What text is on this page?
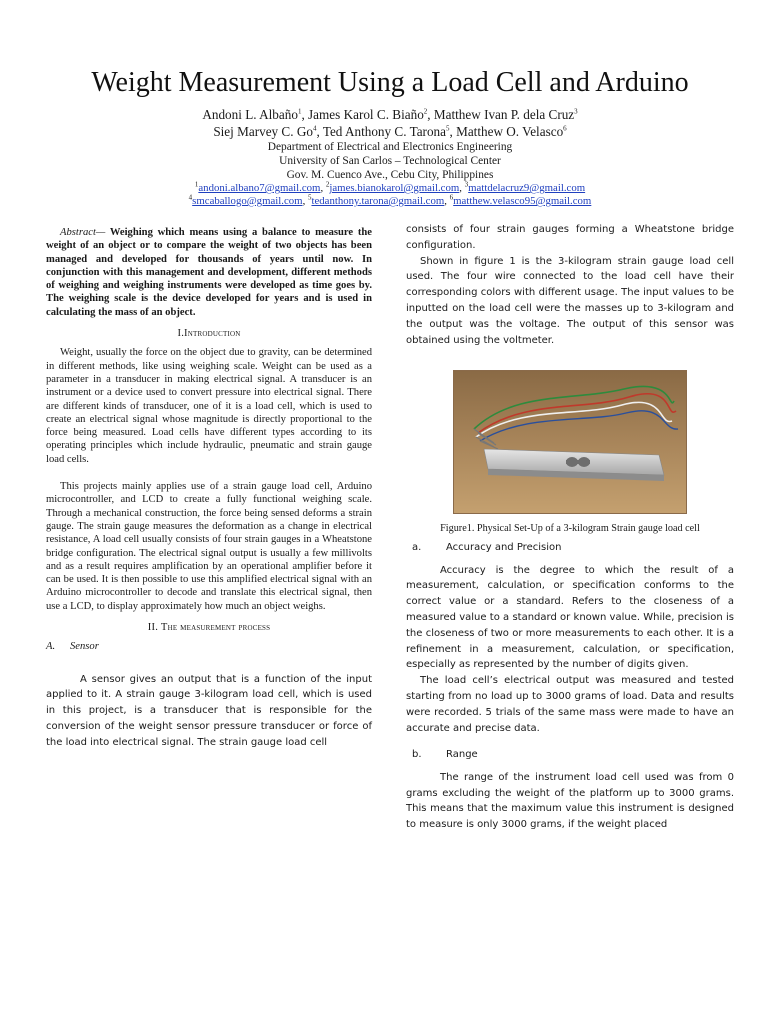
Weight Measurement Using a Load Cell and Arduino
Andoni L. Albaño$^1$, James Karol C. Biaño$^2$, Matthew Ivan P. dela Cruz$^3$
Siej Marvey C. Go$^4$, Ted Anthony C. Tarona$^5$, Matthew O. Velasco$^6$
Department of Electrical and Electronics Engineering
University of San Carlos – Technological Center
Gov. M. Cuenco Ave., Cebu City, Philippines
$^1$andoni.albano7@gmail.com, $^2$james.bianokarol@gmail.com, $^3$mattdelacruz9@gmail.com
$^4$smcaballogo@gmail.com, $^5$tedanthony.tarona@gmail.com, $^6$matthew.velasco95@gmail.com

Abstract— Weighing which means using a balance to measure the weight of an object or to compare the weight of two objects has been managed and developed for thousands of years until now. In conjunction with this management and development, different methods of weighing and weighing instruments were developed as time goes by. The weighing scale is the device developed for years and is used in calculating the mass of an object.

I.Introduction

Weight, usually the force on the object due to gravity, can be determined in different methods, like using weighing scale. Weight can be used as a parameter in a transducer in making electrical signal. A transducer is an instrument or a device used to convert pressure into electrical signal. There are different kinds of transducer, one of it is a load cell, which is used to create an electrical signal whose magnitude is directly proportional to the force being measured. Load cells have different types according to its operating principles which include hydraulic, pneumatic and strain gauge load cells.

This projects mainly applies use of a strain gauge load cell, Arduino microcontroller, and LCD to create a fully functional weighing scale. Through a mechanical construction, the force being sensed deforms a strain gauge. The strain gauge measures the deformation as a change in electrical resistance, A load cell usually consists of four strain gauges in a Wheatstone bridge configuration. The electrical signal output is usually a few millivolts and as a result requires amplification by an operational amplifier before it can be used. It is then possible to use this amplified electrical signal with an Arduino microcontroller to decode and translate this electrical signal, then use a LCD, to display approximately how much an object weighs.

II. The measurement process
A. Sensor

A sensor gives an output that is a function of the input applied to it. A strain gauge 3-kilogram load cell, which is used in this project, is a transducer that is responsible for the conversion of the weight sensor pressure transducer or force of the load into electrical signal. The strain gauge load cell

consists of four strain gauges forming a Wheatstone bridge configuration.

Shown in figure 1 is the 3-kilogram strain gauge load cell used. The four wire connected to the load cell have their corresponding colors with different usage. The input values to be inputted on the load cell were the masses up to 3-kilogram and the output was the voltage. The output of this sensor was obtained using the voltmeter.

Figure1. Physical Set-Up of a 3-kilogram Strain gauge load cell
a. Accuracy and Precision

Accuracy is the degree to which the result of a measurement, calculation, or specification conforms to the correct value or a standard. Refers to the closeness of a measured value to a standard or known value. While, precision is the closeness of two or more measurements to each other. It is a refinement in a measurement, calculation, or specification, especially as represented by the number of digits given.

The load cell’s electrical output was measured and tested starting from no load up to 3000 grams of load. Data and results were recorded. 5 trials of the same mass were made to have an accurate and precise data.

b. Range

The range of the instrument load cell used was from 0 grams excluding the weight of the platform up to 3000 grams. This means that the maximum value this instrument is designed to measure is only 3000 grams, if the weight placed
